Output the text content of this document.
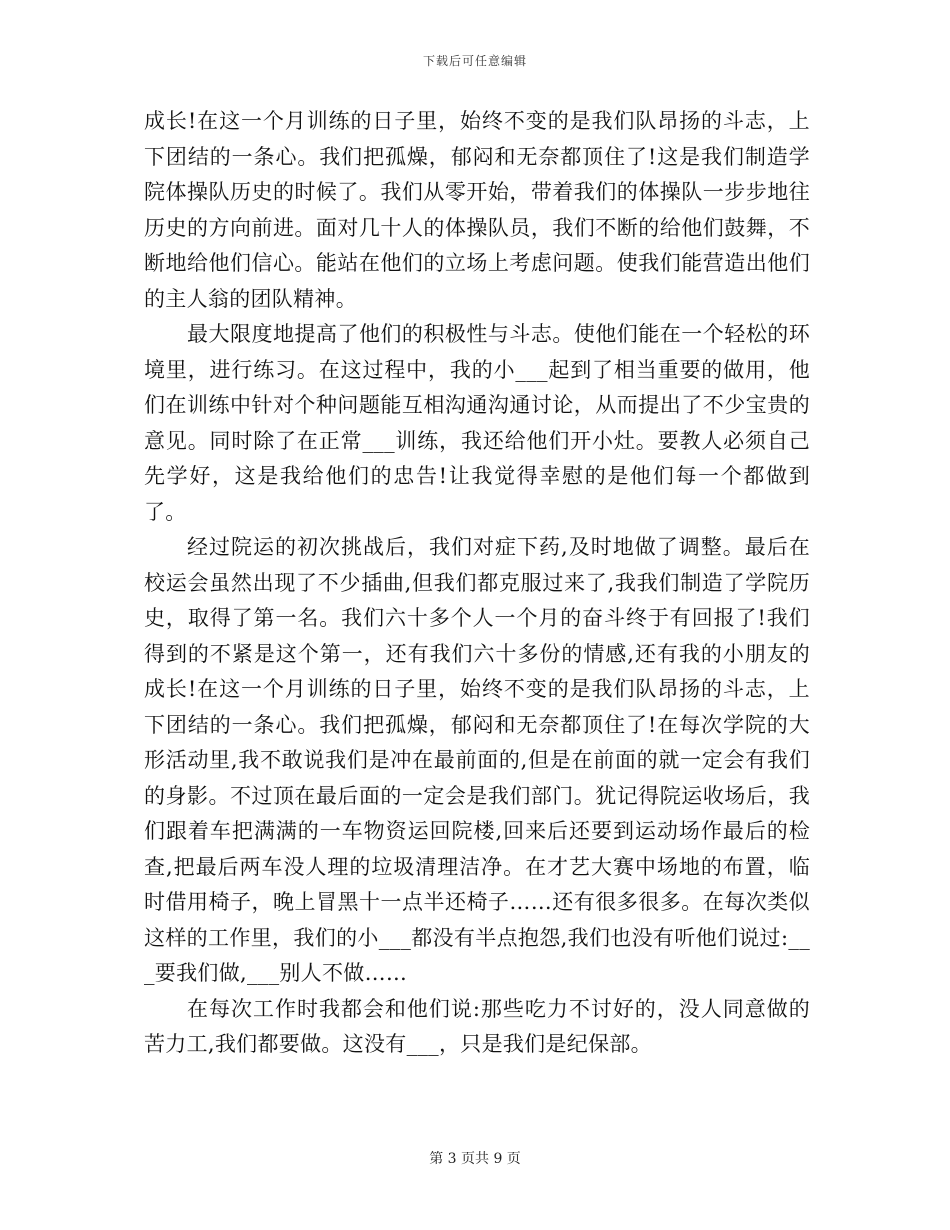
下载后可任意编辑

成长!在这一个月训练的日子里，始终不变的是我们队昂扬的斗志，上下团结的一条心。我们把孤燥，郁闷和无奈都顶住了!这是我们制造学院体操队历史的时候了。我们从零开始，带着我们的体操队一步步地往历史的方向前进。面对几十人的体操队员，我们不断的给他们鼓舞，不断地给他们信心。能站在他们的立场上考虑问题。使我们能营造出他们的主人翁的团队精神。

最大限度地提高了他们的积极性与斗志。使他们能在一个轻松的环境里，进行练习。在这过程中，我的小___起到了相当重要的做用，他们在训练中针对个种问题能互相沟通沟通讨论，从而提出了不少宝贵的意见。同时除了在正常___训练，我还给他们开小灶。要教人必须自己先学好，这是我给他们的忠告!让我觉得幸慰的是他们每一个都做到了。

经过院运的初次挑战后，我们对症下药,及时地做了调整。最后在校运会虽然出现了不少插曲,但我们都克服过来了,我我们制造了学院历史，取得了第一名。我们六十多个人一个月的奋斗终于有回报了!我们得到的不紧是这个第一，还有我们六十多份的情感,还有我的小朋友的成长!在这一个月训练的日子里，始终不变的是我们队昂扬的斗志，上下团结的一条心。我们把孤燥，郁闷和无奈都顶住了!在每次学院的大形活动里,我不敢说我们是冲在最前面的,但是在前面的就一定会有我们的身影。不过顶在最后面的一定会是我们部门。犹记得院运收场后，我们跟着车把满满的一车物资运回院楼,回来后还要到运动场作最后的检查,把最后两车没人理的垃圾清理洁净。在才艺大赛中场地的布置，临时借用椅子，晚上冒黑十一点半还椅子……还有很多很多。在每次类似这样的工作里，我们的小___都没有半点抱怨,我们也没有听他们说过:___要我们做,___别人不做……

在每次工作时我都会和他们说:那些吃力不讨好的，没人同意做的苦力工,我们都要做。这没有___，只是我们是纪保部。

第 3 页共 9 页
